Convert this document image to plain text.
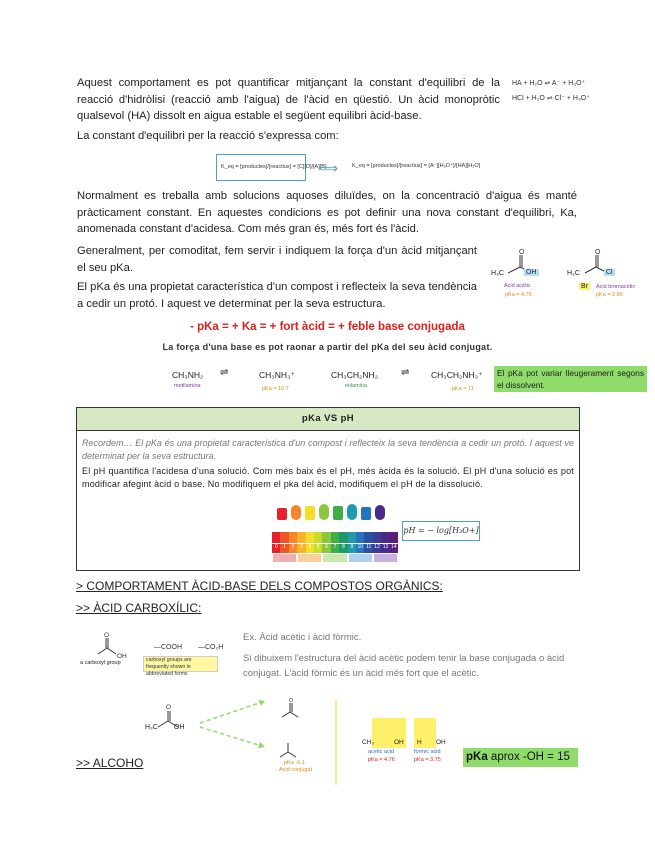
Aquest comportament es pot quantificar mitjançant la constant d'equilibri de la reacció d'hidròlisi (reacció amb l'aigua) de l'àcid en qüestió. Un àcid monopròtic qualsevol (HA) dissolt en aigua estable el següent equilibri àcid-base.
HA + H₂O ⇌ A⁻ + H₃O⁺
HCl + H₂O ⇌ Cl⁻ + H₃O⁺
La constant d'equilibri per la reacció s'expressa com:
K_eq = [productes]/[reactius] = [C][D]/[A][B]
⟹	K_eq = [productes]/[reactius] = [A⁻][H₃O⁺]/[HA][H₂O]
Normalment es treballa amb solucions aquoses diluïdes, on la concentració d'aigua és manté pràcticament constant. En aquestes condicions es pot definir una nova constant d'equilibri, Ka, anomenada constant d'acidesa. Com més gran és, més fort és l'àcid.
Generalment, per comoditat, fem servir i indiquem la força d'un àcid mitjançant el seu pKa.
El pKa és una propietat característica d'un compost i reflecteix la seva tendència a cedir un protó. I aquest ve determinat per la seva estructura.
O	O
H₃C	OH
Àcid acètic
pKa = 4.76
H₃C	Cl
Br	Àcid bromacètic
pKa = 2.86
- pKa = + Ka = + fort àcid = + feble base conjugada
La força d'una base es pot raonar a partir del pKa del seu àcid conjugat.
CH₃NH₂
metilamina
⇌	CH₃NH₃⁺
pKa = 10.7
CH₃CH₂NH₂
etilamina
⇌	CH₃CH₂NH₃⁺
pKa = 11
El pKa pot variar lleugerament segons el dissolvent.
pKa VS pH
Recordem… El pKa és una propietat característica d'un compost i reflecteix la seva tendència a cedir un protó. I aquest ve determinat per la seva estructura.
El pH quantifica l'acidesa d'una solució. Com més baix és el pH, més àcida és la solució. El pH d'una solució es pot modificar afegint àcid o base. No modifiquem el pka del àcid, modifiquem el pH de la dissolució.
0	1	2	3	4	5	6	7	8	9 10 11 12 13 14
pH = − log[H₃O+]
> COMPORTAMENT ÀCID-BASE DELS COMPOSTOS ORGÀNICS:
>> ÀCID CARBOXÍLIC:
O
OH
a carboxyl group
—COOH —CO₂H
carboxyl groups are frequently shown in abbreviated forms
Ex. Àcid acètic i àcid fòrmic.
Si dibuixem l'estructura del àcid acètic podem tenir la base conjugada o àcid conjugat. L'àcid fòrmic és un àcid més fort que el acètic.
O
O
H₃C OH
pKa -6.1
Acid conjugat
CH₃	OH H OH
acetic acid
pKa = 4.76
formic acid
pKa = 3.75 pKa aprox -OH = 15
>> ALCOHO
